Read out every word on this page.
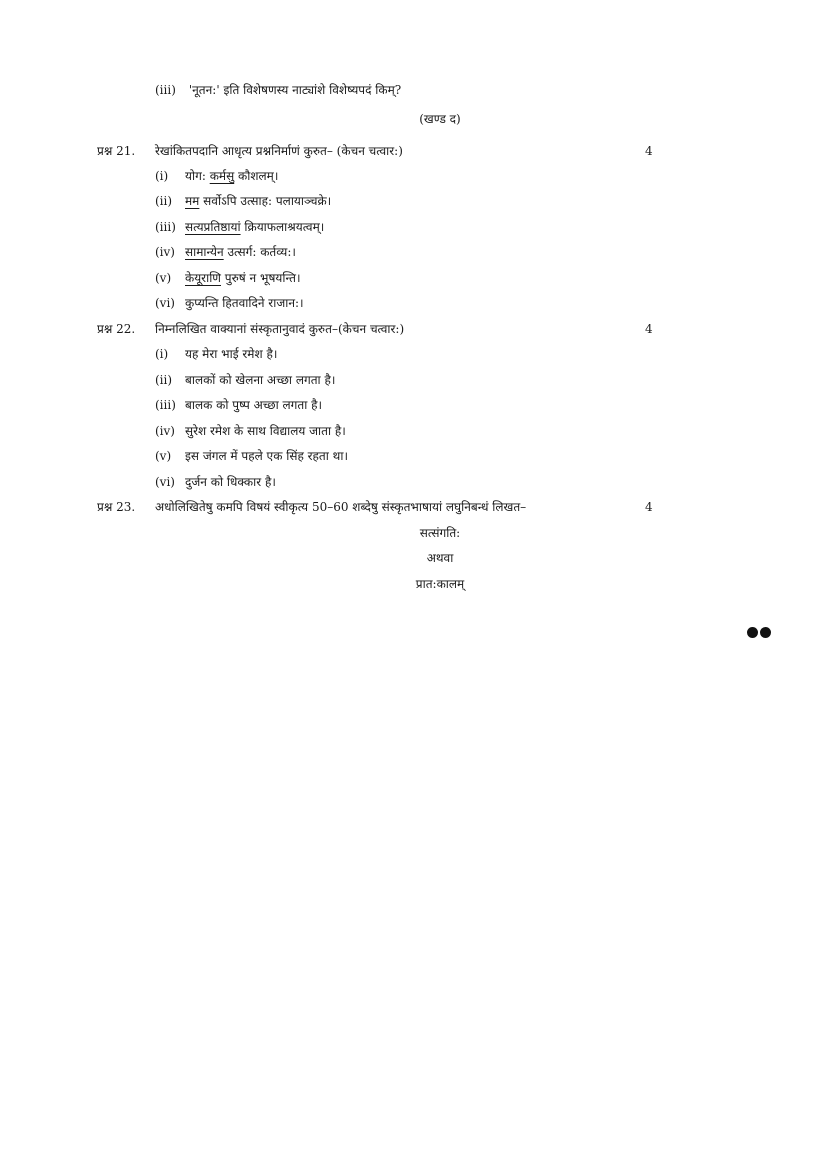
(iii) 'नूतन:' इति विशेषणस्य नाट्यांशे विशेष्यपदं किम्?
(खण्ड द)
प्रश्न 21. रेखांकितपदानि आधृत्य प्रश्ननिर्माणं कुरुत– (केचन चत्वार:)	4
(i) योग: कर्मसु कौशलम्।
(ii) मम सर्वोऽपि उत्साह: पलायाञ्चक्रे।
(iii) सत्यप्रतिष्ठायां क्रियाफलाश्रयत्वम्।
(iv) सामान्येन उत्सर्ग: कर्तव्य:।
(v) केयूराणि पुरुषं न भूषयन्ति।
(vi) कुप्यन्ति हितवादिने राजान:।
प्रश्न 22. निम्नलिखित वाक्यानां संस्कृतानुवादं कुरुत–(केचन चत्वार:)	4
(i) यह मेरा भाई रमेश है।
(ii) बालकों को खेलना अच्छा लगता है।
(iii) बालक को पुष्प अच्छा लगता है।
(iv) सुरेश रमेश के साथ विद्यालय जाता है।
(v) इस जंगल में पहले एक सिंह रहता था।
(vi) दुर्जन को धिक्कार है।
प्रश्न 23. अधोलिखितेषु कमपि विषयं स्वीकृत्य 50–60 शब्देषु संस्कृतभाषायां लघुनिबन्धं लिखत–	4
सत्संगति:
अथवा
प्रात:कालम्
